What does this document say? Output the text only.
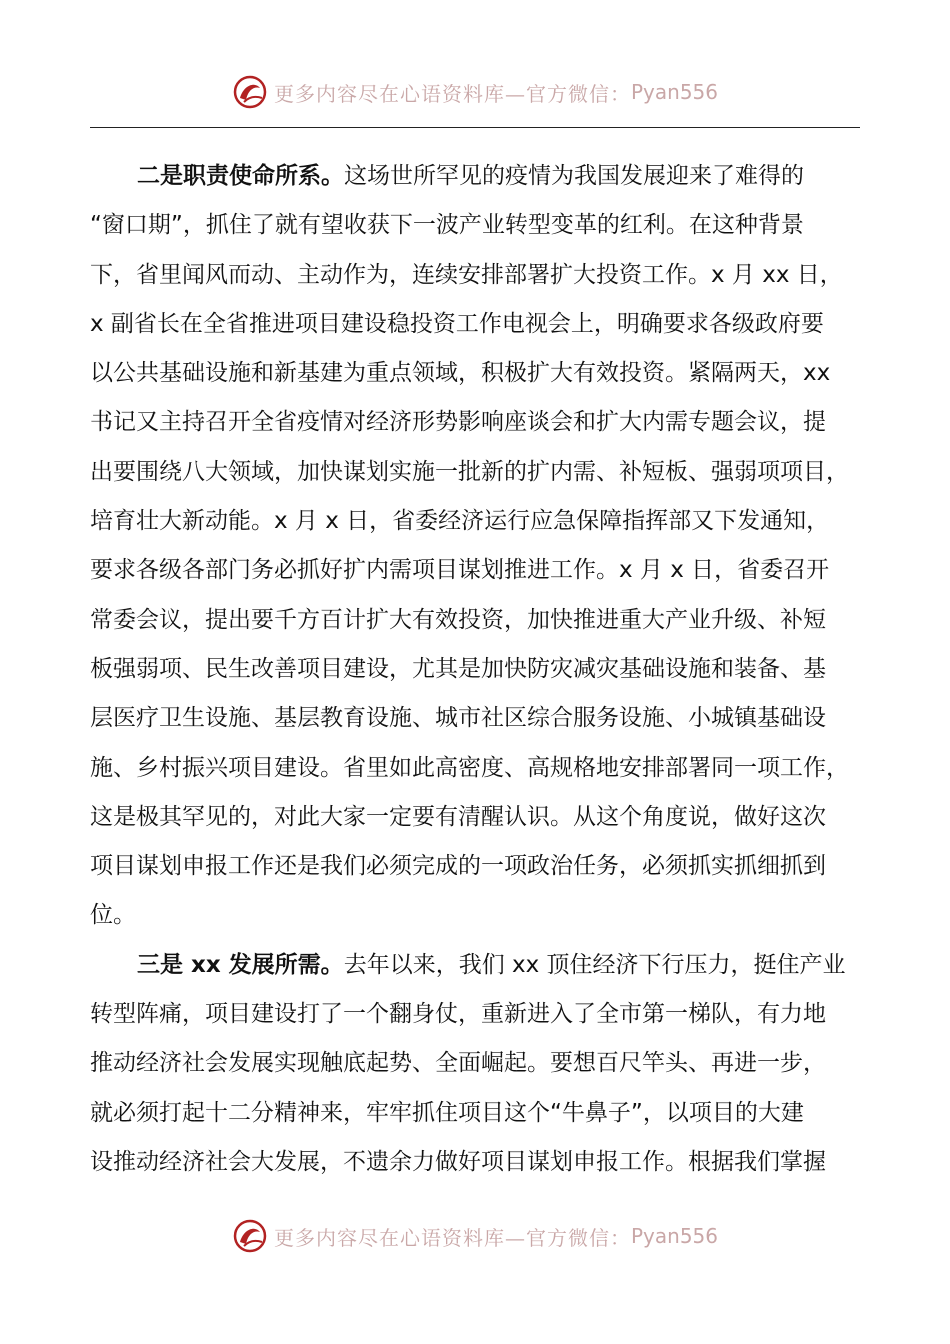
更多内容尽在心语资料库—官方微信： Pyan556
二是职责使命所系。这场世所罕见的疫情为我国发展迎来了难得的
“窗口期”，抓住了就有望收获下一波产业转型变革的红利。在这种背景
下，省里闻风而动、主动作为，连续安排部署扩大投资工作。x 月 xx 日，
x 副省长在全省推进项目建设稳投资工作电视会上，明确要求各级政府要
以公共基础设施和新基建为重点领域，积极扩大有效投资。紧隔两天，xx
书记又主持召开全省疫情对经济形势影响座谈会和扩大内需专题会议，提
出要围绕八大领域，加快谋划实施一批新的扩内需、补短板、强弱项项目，
培育壮大新动能。x 月 x 日，省委经济运行应急保障指挥部又下发通知，
要求各级各部门务必抓好扩内需项目谋划推进工作。x 月 x 日，省委召开
常委会议，提出要千方百计扩大有效投资，加快推进重大产业升级、补短
板强弱项、民生改善项目建设，尤其是加快防灾减灾基础设施和装备、基
层医疗卫生设施、基层教育设施、城市社区综合服务设施、小城镇基础设
施、乡村振兴项目建设。省里如此高密度、高规格地安排部署同一项工作，
这是极其罕见的，对此大家一定要有清醒认识。从这个角度说，做好这次
项目谋划申报工作还是我们必须完成的一项政治任务，必须抓实抓细抓到
位。
三是 xx 发展所需。去年以来，我们 xx 顶住经济下行压力，挺住产业
转型阵痛，项目建设打了一个翻身仗，重新进入了全市第一梯队，有力地
推动经济社会发展实现触底起势、全面崛起。要想百尺竿头、再进一步，
就必须打起十二分精神来，牢牢抓住项目这个“牛鼻子”，以项目的大建
设推动经济社会大发展，不遗余力做好项目谋划申报工作。根据我们掌握
更多内容尽在心语资料库—官方微信： Pyan556
